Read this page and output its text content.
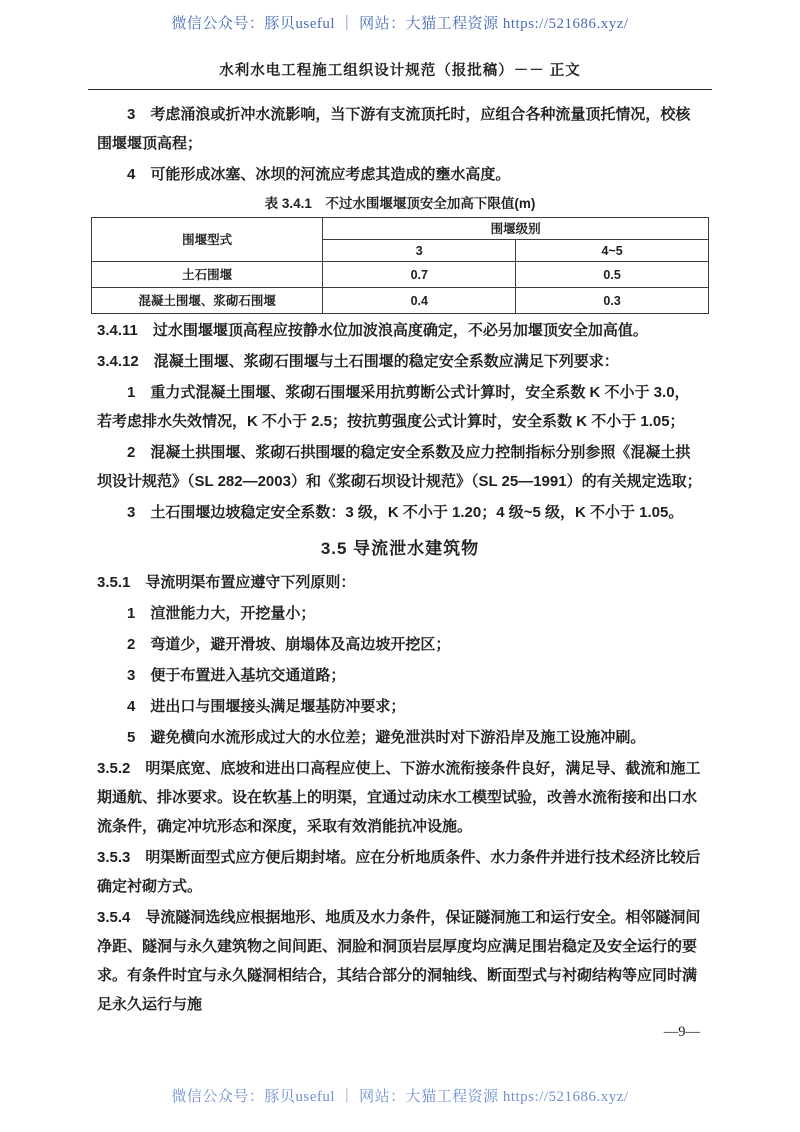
微信公众号：豚贝useful ｜ 网站：大猫工程资源 https://521686.xyz/
水利水电工程施工组织设计规范（报批稿）－－ 正文

3　考虑涌浪或折冲水流影响，当下游有支流顶托时，应组合各种流量顶托情况，校核围堰堰顶高程；

4　可能形成冰塞、冰坝的河流应考虑其造成的壅水高度。

表 3.4.1　不过水围堰堰顶安全加高下限值(m)
围堰型式	围堰级别	
	3	4~5
土石围堰	0.7	0.5
混凝土围堰、浆砌石围堰	0.4	0.3

3.4.11　过水围堰堰顶高程应按静水位加波浪高度确定，不必另加堰顶安全加高值。

3.4.12　混凝土围堰、浆砌石围堰与土石围堰的稳定安全系数应满足下列要求：

1　重力式混凝土围堰、浆砌石围堰采用抗剪断公式计算时，安全系数 K 不小于 3.0，若考虑排水失效情况，K 不小于 2.5；按抗剪强度公式计算时，安全系数 K 不小于 1.05；

2　混凝土拱围堰、浆砌石拱围堰的稳定安全系数及应力控制指标分别参照《混凝土拱坝设计规范》（SL 282—2003）和《浆砌石坝设计规范》（SL 25—1991）的有关规定选取；

3　土石围堰边坡稳定安全系数：3 级，K 不小于 1.20；4 级~5 级，K 不小于 1.05。

3.5 导流泄水建筑物

3.5.1　导流明渠布置应遵守下列原则：

1　渲泄能力大，开挖量小；

2　弯道少，避开滑坡、崩塌体及高边坡开挖区；

3　便于布置进入基坑交通道路；

4　进出口与围堰接头满足堰基防冲要求；

5　避免横向水流形成过大的水位差；避免泄洪时对下游沿岸及施工设施冲刷。

3.5.2　明渠底宽、底坡和进出口高程应使上、下游水流衔接条件良好，满足导、截流和施工期通航、排冰要求。设在软基上的明渠，宜通过动床水工模型试验，改善水流衔接和出口水流条件，确定冲坑形态和深度，采取有效消能抗冲设施。

3.5.3　明渠断面型式应方便后期封堵。应在分析地质条件、水力条件并进行技术经济比较后确定衬砌方式。

3.5.4　导流隧洞选线应根据地形、地质及水力条件，保证隧洞施工和运行安全。相邻隧洞间净距、隧洞与永久建筑物之间间距、洞脸和洞顶岩层厚度均应满足围岩稳定及安全运行的要求。有条件时宜与永久隧洞相结合，其结合部分的洞轴线、断面型式与衬砌结构等应同时满足永久运行与施

—9—
微信公众号：豚贝useful ｜ 网站：大猫工程资源 https://521686.xyz/
